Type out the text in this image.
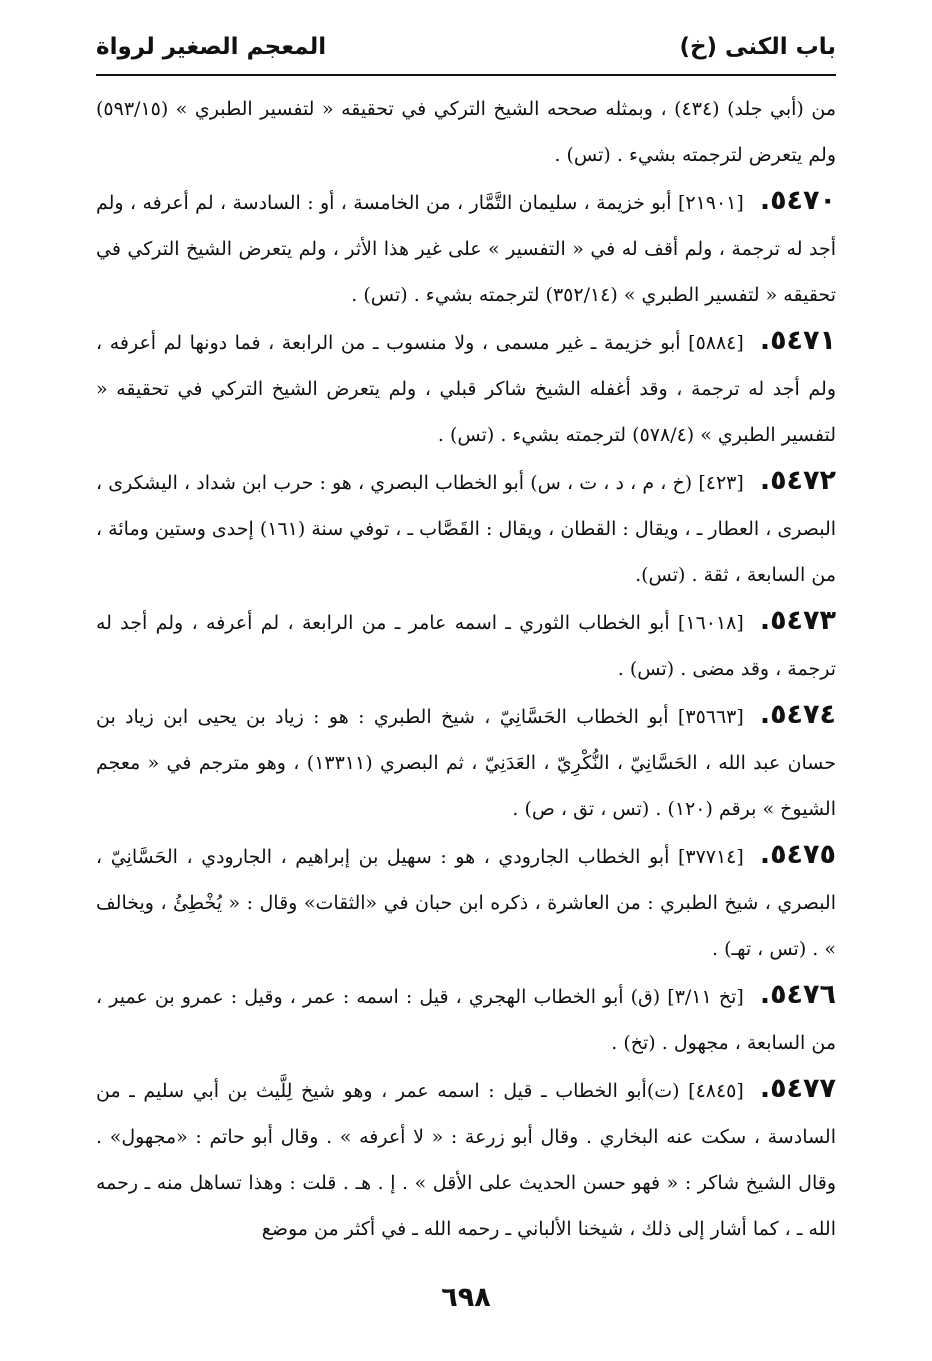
باب الكنى (خ)
المعجم الصغير لرواة

من (أبي جلد) (٤٣٤) ، وبمثله صححه الشيخ التركي في تحقيقه « لتفسير الطبري » (٥٩٣/١٥) ولم يتعرض لترجمته بشيء . (تس) .

٥٤٧٠.[٢١٩٠١] أبو خزيمة ، سليمان التَّمَّار ، من الخامسة ، أو : السادسة ، لم أعرفه ، ولم أجد له ترجمة ، ولم أقف له في « التفسير » على غير هذا الأثر ، ولم يتعرض الشيخ التركي في تحقيقه « لتفسير الطبري » (٣٥٢/١٤) لترجمته بشيء . (تس) .

٥٤٧١.[٥٨٨٤] أبو خزيمة ـ غير مسمى ، ولا منسوب ـ من الرابعة ، فما دونها لم أعرفه ، ولم أجد له ترجمة ، وقد أغفله الشيخ شاكر قبلي ، ولم يتعرض الشيخ التركي في تحقيقه « لتفسير الطبري » (٥٧٨/٤) لترجمته بشيء . (تس) .

٥٤٧٢.[٤٢٣] (خ ، م ، د ، ت ، س) أبو الخطاب البصري ، هو : حرب ابن شداد ، اليشكرى ، البصرى ، العطار ـ ، ويقال : القطان ، ويقال : القَصَّاب ـ ، توفي سنة (١٦١) إحدى وستين ومائة ، من السابعة ، ثقة . (تس).

٥٤٧٣.[١٦٠١٨] أبو الخطاب الثوري ـ اسمه عامر ـ من الرابعة ، لم أعرفه ، ولم أجد له ترجمة ، وقد مضى . (تس) .

٥٤٧٤.[٣٥٦٦٣] أبو الخطاب الحَسَّانِيّ ، شيخ الطبري : هو : زياد بن يحيى ابن زياد بن حسان عبد الله ، الحَسَّانِيّ ، النُّكْرِيّ ، العَدَنِيّ ، ثم البصري (١٣٣١١) ، وهو مترجم في « معجم الشيوخ » برقم (١٢٠) . (تس ، تق ، ص) .

٥٤٧٥.[٣٧٧١٤] أبو الخطاب الجارودي ، هو : سهيل بن إبراهيم ، الجارودي ، الحَسَّانِيّ ، البصري ، شيخ الطبري : من العاشرة ، ذكره ابن حبان في «الثقات» وقال : « يُخْطِئُ ، ويخالف » . (تس ، تهـ) .

٥٤٧٦.[تخ ٣/١١] (ق) أبو الخطاب الهجري ، قيل : اسمه : عمر ، وقيل : عمرو بن عمير ، من السابعة ، مجهول . (تخ) .

٥٤٧٧.[٤٨٤٥] (ت)أبو الخطاب ـ قيل : اسمه عمر ، وهو شيخ لِلَّيث بن أبي سليم ـ من السادسة ، سكت عنه البخاري . وقال أبو زرعة : « لا أعرفه » . وقال أبو حاتم : «مجهول» . وقال الشيخ شاكر : « فهو حسن الحديث على الأقل » . إ . هـ . قلت : وهذا تساهل منه ـ رحمه الله ـ ، كما أشار إلى ذلك ، شيخنا الألباني ـ رحمه الله ـ في أكثر من موضع

٦٩٨
